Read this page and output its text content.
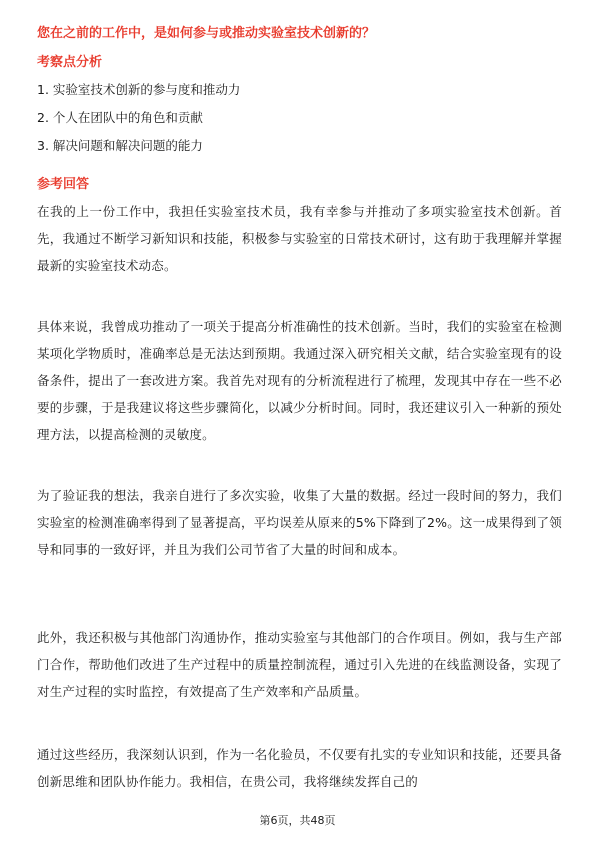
您在之前的工作中，是如何参与或推动实验室技术创新的？
考察点分析
1. 实验室技术创新的参与度和推动力
2. 个人在团队中的角色和贡献
3. 解决问题和解决问题的能力
参考回答

在我的上一份工作中，我担任实验室技术员，我有幸参与并推动了多项实验室技术创新。首先，我通过不断学习新知识和技能，积极参与实验室的日常技术研讨，这有助于我理解并掌握最新的实验室技术动态。

具体来说，我曾成功推动了一项关于提高分析准确性的技术创新。当时，我们的实验室在检测某项化学物质时，准确率总是无法达到预期。我通过深入研究相关文献，结合实验室现有的设备条件，提出了一套改进方案。我首先对现有的分析流程进行了梳理，发现其中存在一些不必要的步骤，于是我建议将这些步骤简化，以减少分析时间。同时，我还建议引入一种新的预处理方法，以提高检测的灵敏度。

为了验证我的想法，我亲自进行了多次实验，收集了大量的数据。经过一段时间的努力，我们实验室的检测准确率得到了显著提高，平均误差从原来的5%下降到了2%。这一成果得到了领导和同事的一致好评，并且为我们公司节省了大量的时间和成本。

此外，我还积极与其他部门沟通协作，推动实验室与其他部门的合作项目。例如，我与生产部门合作，帮助他们改进了生产过程中的质量控制流程，通过引入先进的在线监测设备，实现了对生产过程的实时监控，有效提高了生产效率和产品质量。

通过这些经历，我深刻认识到，作为一名化验员，不仅要有扎实的专业知识和技能，还要具备创新思维和团队协作能力。我相信，在贵公司，我将继续发挥自己的

第6页，共48页
